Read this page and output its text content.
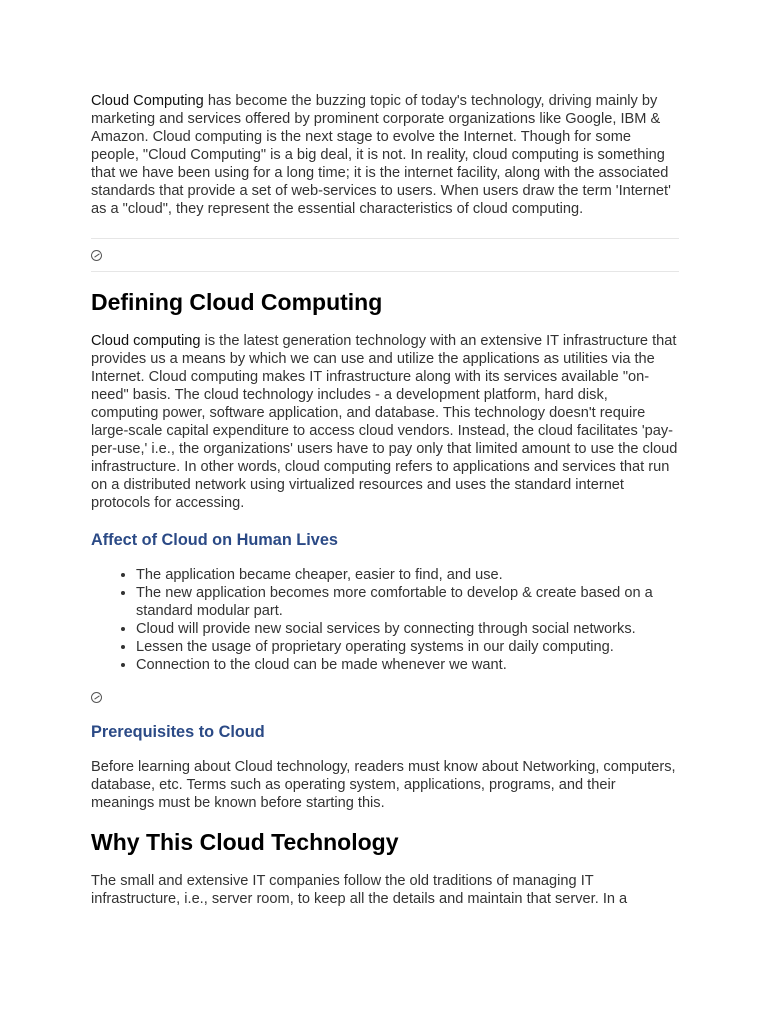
Cloud Computing has become the buzzing topic of today's technology, driving mainly by marketing and services offered by prominent corporate organizations like Google, IBM & Amazon. Cloud computing is the next stage to evolve the Internet. Though for some people, "Cloud Computing" is a big deal, it is not. In reality, cloud computing is something that we have been using for a long time; it is the internet facility, along with the associated standards that provide a set of web-services to users. When users draw the term 'Internet' as a "cloud", they represent the essential characteristics of cloud computing.

Defining Cloud Computing

Cloud computing is the latest generation technology with an extensive IT infrastructure that provides us a means by which we can use and utilize the applications as utilities via the Internet. Cloud computing makes IT infrastructure along with its services available "on-need" basis. The cloud technology includes - a development platform, hard disk, computing power, software application, and database. This technology doesn't require large-scale capital expenditure to access cloud vendors. Instead, the cloud facilitates 'pay-per-use,' i.e., the organizations' users have to pay only that limited amount to use the cloud infrastructure. In other words, cloud computing refers to applications and services that run on a distributed network using virtualized resources and uses the standard internet protocols for accessing.

Affect of Cloud on Human Lives
• The application became cheaper, easier to find, and use.
• The new application becomes more comfortable to develop & create based on a standard modular part.
• Cloud will provide new social services by connecting through social networks.
• Lessen the usage of proprietary operating systems in our daily computing.
• Connection to the cloud can be made whenever we want.
Prerequisites to Cloud

Before learning about Cloud technology, readers must know about Networking, computers, database, etc. Terms such as operating system, applications, programs, and their meanings must be known before starting this.

Why This Cloud Technology

The small and extensive IT companies follow the old traditions of managing IT infrastructure, i.e., server room, to keep all the details and maintain that server. In a
